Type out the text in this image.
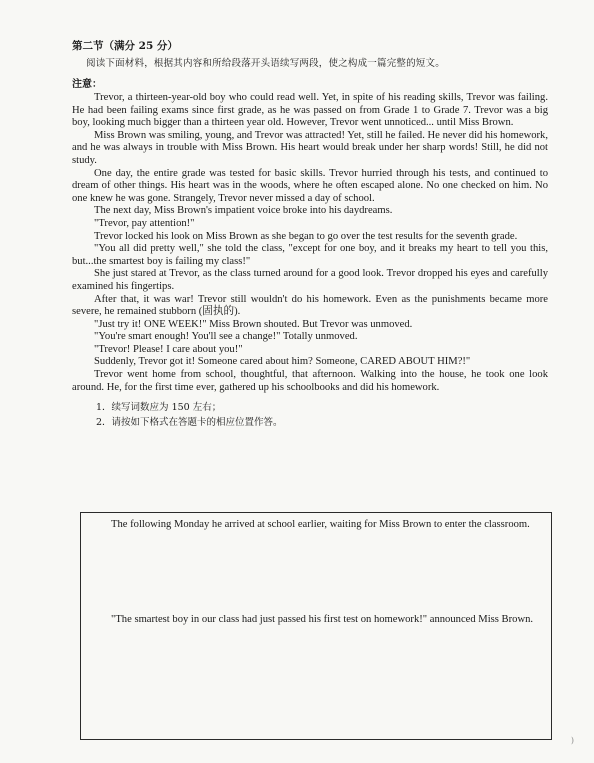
第二节（满分 25 分）
阅读下面材料，根据其内容和所给段落开头语续写两段，使之构成一篇完整的短文。
注意：

Trevor, a thirteen-year-old boy who could read well. Yet, in spite of his reading skills, Trevor was failing. He had been failing exams since first grade, as he was passed on from Grade 1 to Grade 7. Trevor was a big boy, looking much bigger than a thirteen year old. However, Trevor went unnoticed... until Miss Brown.

Miss Brown was smiling, young, and Trevor was attracted! Yet, still he failed. He never did his homework, and he was always in trouble with Miss Brown. His heart would break under her sharp words! Still, he did not study.

One day, the entire grade was tested for basic skills. Trevor hurried through his tests, and continued to dream of other things. His heart was in the woods, where he often escaped alone. No one checked on him. No one knew he was gone. Strangely, Trevor never missed a day of school.

The next day, Miss Brown's impatient voice broke into his daydreams.

"Trevor, pay attention!"

Trevor locked his look on Miss Brown as she began to go over the test results for the seventh grade.

"You all did pretty well," she told the class, "except for one boy, and it breaks my heart to tell you this, but...the smartest boy is failing my class!"

She just stared at Trevor, as the class turned around for a good look. Trevor dropped his eyes and carefully examined his fingertips.

After that, it was war! Trevor still wouldn't do his homework. Even as the punishments became more severe, he remained stubborn (固执的).

"Just try it! ONE WEEK!" Miss Brown shouted. But Trevor was unmoved.

"You're smart enough! You'll see a change!" Totally unmoved.

"Trevor! Please! I care about you!"

Suddenly, Trevor got it! Someone cared about him? Someone, CARED ABOUT HIM?!"

Trevor went home from school, thoughtful, that afternoon. Walking into the house, he took one look around. He, for the first time ever, gathered up his schoolbooks and did his homework.

1．续写词数应为 150 左右；
2．请按如下格式在答题卡的相应位置作答。

The following Monday he arrived at school earlier, waiting for Miss Brown to enter the classroom.

"The smartest boy in our class had just passed his first test on homework!" announced Miss Brown.

)
